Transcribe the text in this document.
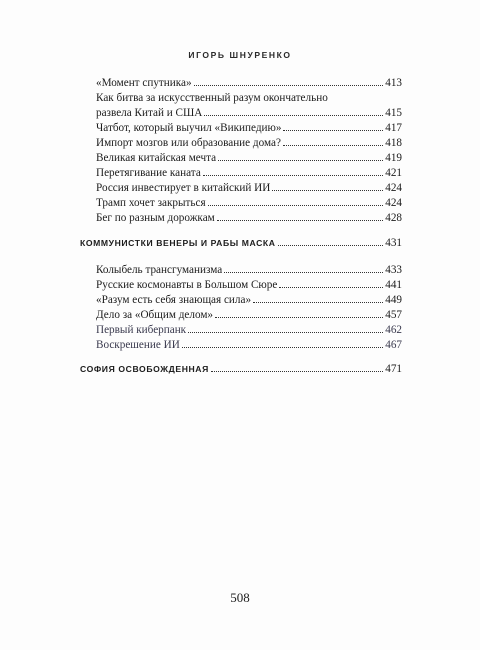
ИГОРЬ ШНУРЕНКО
«Момент спутника»	413
Как битва за искусственный разум окончательно
развела Китай и США	415
Чатбот, который выучил «Википедию»	417
Импорт мозгов или образование дома?	418
Великая китайская мечта	419
Перетягивание каната	421
Россия инвестирует в китайский ИИ	424
Трамп хочет закрыться	424
Бег по разным дорожкам	428
КОММУНИСТКИ ВЕНЕРЫ И РАБЫ МАСКА	431
Колыбель трансгуманизма	433
Русские космонавты в Большом Сюре	441
«Разум есть себя знающая сила»	449
Дело за «Общим делом»	457
Первый киберпанк	462
Воскрешение ИИ	467
СОФИЯ ОСВОБОЖДЕННАЯ	471
508
